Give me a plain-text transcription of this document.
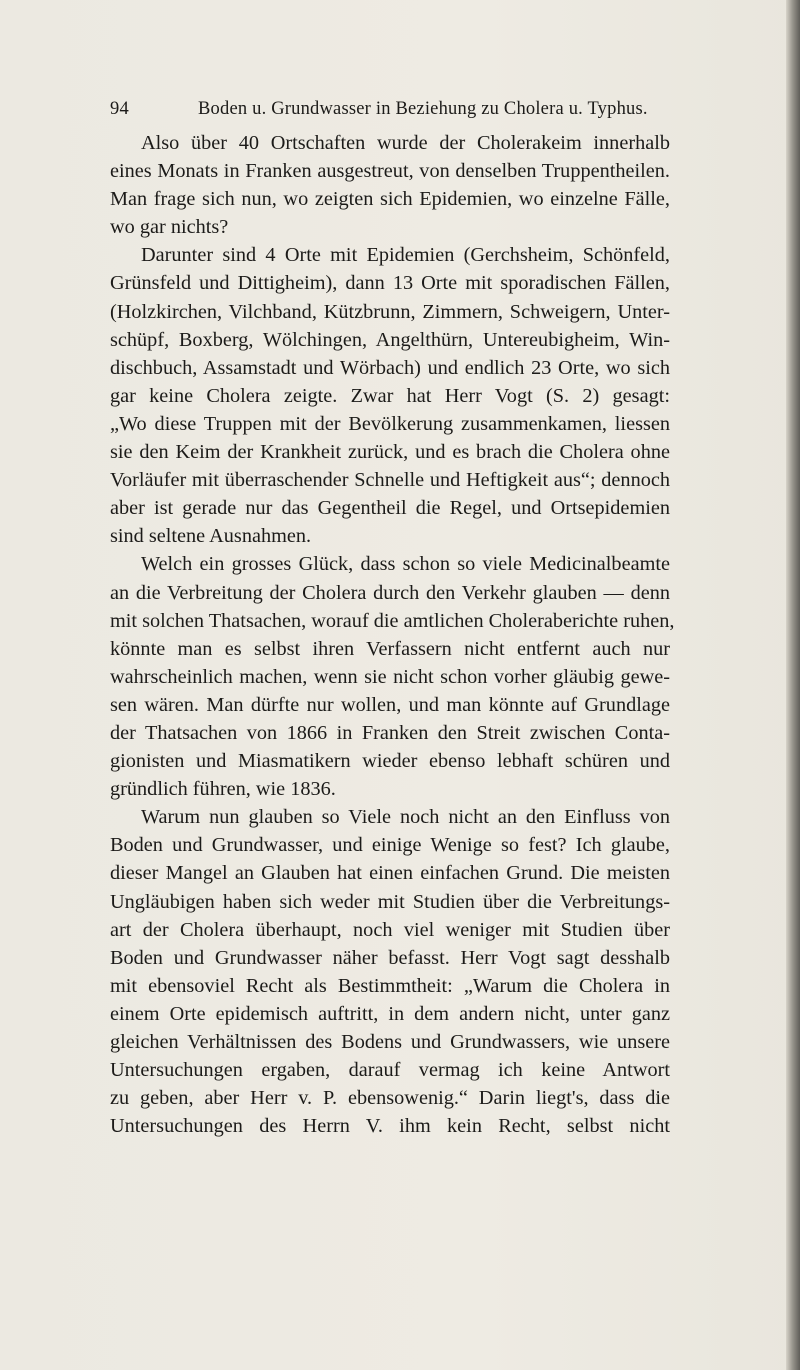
94	Boden u. Grundwasser in Beziehung zu Cholera u. Typhus.
Also über 40 Ortschaften wurde der Cholerakeim innerhalb
eines Monats in Franken ausgestreut, von denselben Truppentheilen.
Man frage sich nun, wo zeigten sich Epidemien, wo einzelne Fälle,
wo gar nichts?
Darunter sind 4 Orte mit Epidemien (Gerchsheim, Schönfeld,
Grünsfeld und Dittigheim), dann 13 Orte mit sporadischen Fällen,
(Holzkirchen, Vilchband, Kützbrunn, Zimmern, Schweigern, Unter-
schüpf, Boxberg, Wölchingen, Angelthürn, Untereubigheim, Win-
dischbuch, Assamstadt und Wörbach) und endlich 23 Orte, wo sich
gar keine Cholera zeigte. Zwar hat Herr Vogt (S. 2) gesagt:
„Wo diese Truppen mit der Bevölkerung zusammenkamen, liessen
sie den Keim der Krankheit zurück, und es brach die Cholera ohne
Vorläufer mit überraschender Schnelle und Heftigkeit aus“; dennoch
aber ist gerade nur das Gegentheil die Regel, und Ortsepidemien
sind seltene Ausnahmen.
Welch ein grosses Glück, dass schon so viele Medicinalbeamte
an die Verbreitung der Cholera durch den Verkehr glauben — denn
mit solchen Thatsachen, worauf die amtlichen Choleraberichte ruhen,
könnte man es selbst ihren Verfassern nicht entfernt auch nur
wahrscheinlich machen, wenn sie nicht schon vorher gläubig gewe-
sen wären. Man dürfte nur wollen, und man könnte auf Grundlage
der Thatsachen von 1866 in Franken den Streit zwischen Conta-
gionisten und Miasmatikern wieder ebenso lebhaft schüren und
gründlich führen, wie 1836.
Warum nun glauben so Viele noch nicht an den Einfluss von
Boden und Grundwasser, und einige Wenige so fest? Ich glaube,
dieser Mangel an Glauben hat einen einfachen Grund. Die meisten
Ungläubigen haben sich weder mit Studien über die Verbreitungs-
art der Cholera überhaupt, noch viel weniger mit Studien über
Boden und Grundwasser näher befasst. Herr Vogt sagt desshalb
mit ebensoviel Recht als Bestimmtheit: „Warum die Cholera in
einem Orte epidemisch auftritt, in dem andern nicht, unter ganz
gleichen Verhältnissen des Bodens und Grundwassers, wie unsere
Untersuchungen ergaben, darauf vermag ich keine Antwort
zu geben, aber Herr v. P. ebensowenig.“ Darin liegt's, dass die
Untersuchungen des Herrn V. ihm kein Recht, selbst nicht
